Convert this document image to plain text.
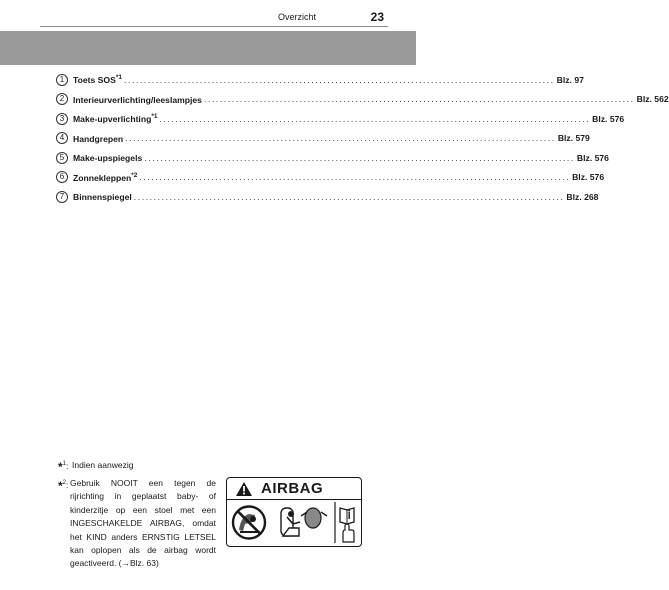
Overzicht	23
1	Toets SOS$^{*1}$ ............................................................................................................ Blz. 97
2	Interieurverlichting/leeslampjes ............................................................................................................ Blz. 562
3	Make-upverlichting$^{*1}$ ............................................................................................................ Blz. 576
4	Handgrepen ............................................................................................................ Blz. 579
5	Make-upspiegels ............................................................................................................ Blz. 576
6	Zonnekleppen$^{*2}$ ............................................................................................................ Blz. 576
7	Binnenspiegel ............................................................................................................ Blz. 268
*$^1$: Indien aanwezig
*$^2$: Gebruik NOOIT een tegen de rijrichting in geplaatst baby- of kinderzitje op een stoel met een INGESCHAKELDE AIRBAG, omdat het KIND anders ERNSTIG LETSEL kan oplopen als de airbag wordt geactiveerd. (→Blz. 63)
AIRBAG
